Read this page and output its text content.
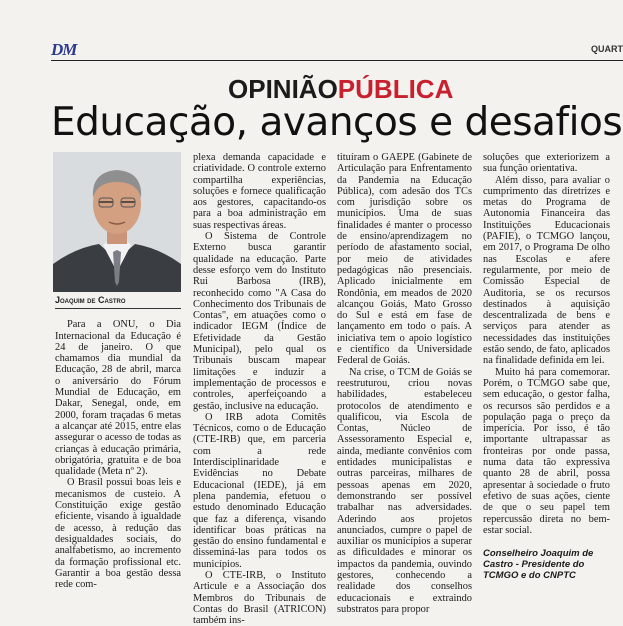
DM	QUART
OPINIÃOPÚBLICA
Educação, avanços e desafios
Joaquim de Castro

Para a ONU, o Dia Internacional da Educação é 24 de janeiro. O que chamamos dia mundial da Educação, 28 de abril, marca o aniversário do Fórum Mundial de Educação, em Dakar, Senegal, onde, em 2000, foram traçadas 6 metas a alcançar até 2015, entre elas assegurar o acesso de todas as crianças à educação primária, obrigatória, gratuita e de boa qualidade (Meta nº 2).

O Brasil possui boas leis e mecanismos de custeio. A Constituição exige gestão eficiente, visando à igualdade de acesso, à redução das desigualdades sociais, do analfabetismo, ao incremento da formação profissional etc. Garantir a boa gestão dessa rede com-

plexa demanda capacidade e criatividade. O controle externo compartilha experiências, soluções e fornece qualificação aos gestores, capacitando-os para a boa administração em suas respectivas áreas.

O Sistema de Controle Externo busca garantir qualidade na educação. Parte desse esforço vem do Instituto Rui Barbosa (IRB), reconhecido como "A Casa do Conhecimento dos Tribunais de Contas", em atuações como o indicador IEGM (Índice de Efetividade da Gestão Municipal), pelo qual os Tribunais buscam mapear limitações e induzir a implementação de processos e controles, aperfeiçoando a gestão, inclusive na educação.

O IRB adota Comitês Técnicos, como o de Educação (CTE-IRB) que, em parceria com a rede Interdisciplinaridade e Evidências no Debate Educacional (IEDE), já em plena pandemia, efetuou o estudo denominado Educação que faz a diferença, visando identificar boas práticas na gestão do ensino fundamental e disseminá-las para todos os municípios.

O CTE-IRB, o Instituto Articule e a Associação dos Membros do Tribunais de Contas do Brasil (ATRICON) também ins-

tituíram o GAEPE (Gabinete de Articulação para Enfrentamento da Pandemia na Educação Pública), com adesão dos TCs com jurisdição sobre os municípios. Uma de suas finalidades é manter o processo de ensino/aprendizagem no período de afastamento social, por meio de atividades pedagógicas não presenciais. Aplicado inicialmente em Rondônia, em meados de 2020 alcançou Goiás, Mato Grosso do Sul e está em fase de lançamento em todo o país. A iniciativa tem o apoio logístico e científico da Universidade Federal de Goiás.

Na crise, o TCM de Goiás se reestruturou, criou novas habilidades, estabeleceu protocolos de atendimento e qualificou, via Escola de Contas, Núcleo de Assessoramento Especial e, ainda, mediante convênios com entidades municipalistas e outras parceiras, milhares de pessoas apenas em 2020, demonstrando ser possível trabalhar nas adversidades. Aderindo aos projetos anunciados, cumpre o papel de auxiliar os municípios a superar as dificuldades e minorar os impactos da pandemia, ouvindo gestores, conhecendo a realidade dos conselhos educacionais e extraindo substratos para propor

soluções que exteriorizem a sua função orientativa.

Além disso, para avaliar o cumprimento das diretrizes e metas do Programa de Autonomia Financeira das Instituições Educacionais (PAFIE), o TCMGO lançou, em 2017, o Programa De olho nas Escolas e afere regularmente, por meio de Comissão Especial de Auditoria, se os recursos destinados à aquisição descentralizada de bens e serviços para atender as necessidades das instituições estão sendo, de fato, aplicados na finalidade definida em lei.

Muito há para comemorar. Porém, o TCMGO sabe que, sem educação, o gestor falha, os recursos são perdidos e a população paga o preço da imperícia. Por isso, é tão importante ultrapassar as fronteiras por onde passa, numa data tão expressiva quanto 28 de abril, possa apresentar à sociedade o fruto efetivo de suas ações, ciente de que o seu papel tem repercussão direta no bem-estar social.

Conselheiro Joaquim de Castro - Presidente do TCMGO e do CNPTC
